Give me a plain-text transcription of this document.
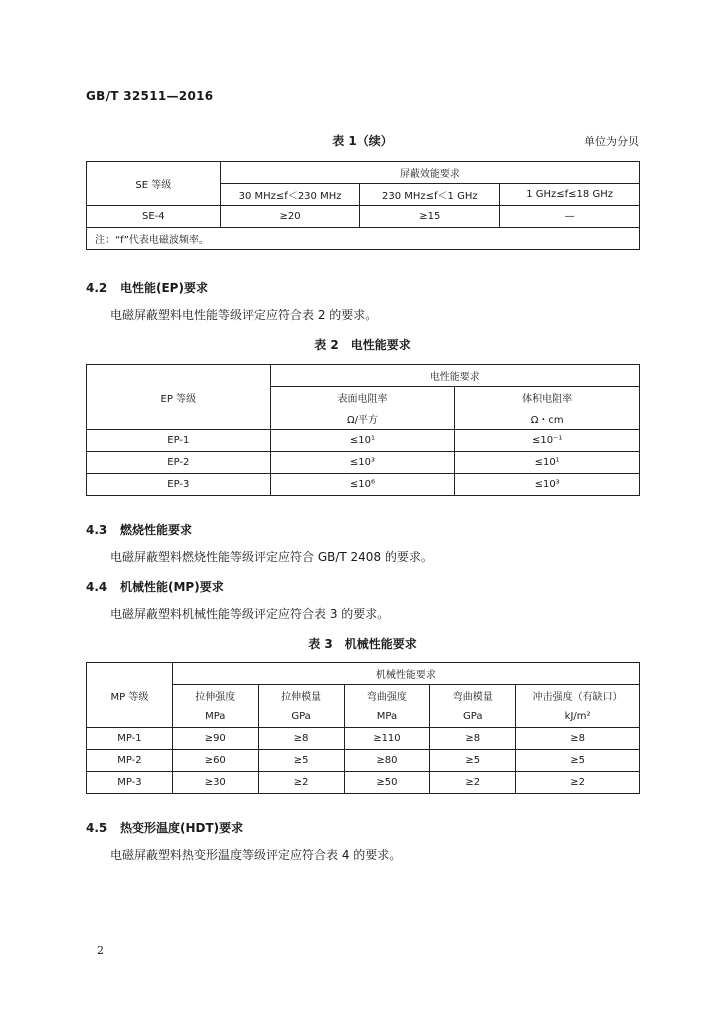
GB/T 32511—2016
表 1（续）	单位为分贝
SE 等级	屏蔽效能要求		
	30 MHz≤f＜230 MHz	230 MHz≤f＜1 GHz	1 GHz≤f≤18 GHz
SE-4	≥20	≥15	—
注：“f”代表电磁波频率。			
4.2 电性能(EP)要求
电磁屏蔽塑料电性能等级评定应符合表 2 的要求。
表 2　电性能要求
EP 等级	电性能要求	
	表面电阻率	体积电阻率
	Ω/平方	Ω・cm
EP-1	≤10¹	≤10⁻¹
EP-2	≤10³	≤10¹
EP-3	≤10⁶	≤10³
4.3 燃烧性能要求
电磁屏蔽塑料燃烧性能等级评定应符合 GB/T 2408 的要求。
4.4 机械性能(MP)要求
电磁屏蔽塑料机械性能等级评定应符合表 3 的要求。
表 3　机械性能要求
MP 等级	机械性能要求				
	拉伸强度	拉伸模量	弯曲强度	弯曲模量	冲击强度（有缺口）
	MPa	GPa	MPa	GPa	kJ/m²
MP-1	≥90	≥8	≥110	≥8	≥8
MP-2	≥60	≥5	≥80	≥5	≥5
MP-3	≥30	≥2	≥50	≥2	≥2
4.5 热变形温度(HDT)要求
电磁屏蔽塑料热变形温度等级评定应符合表 4 的要求。
2
